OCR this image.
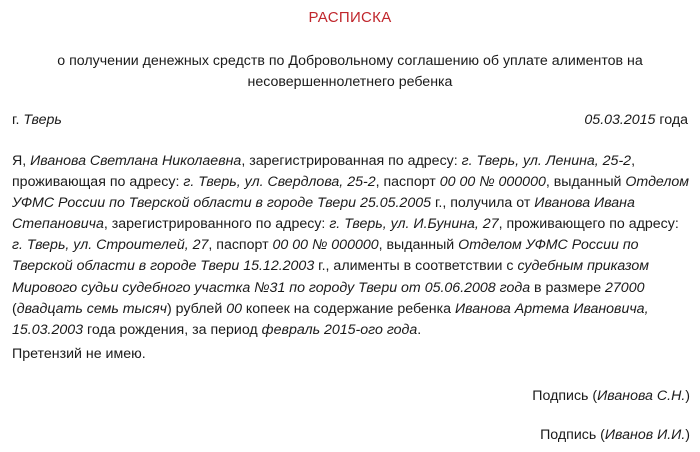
РАСПИСКА
о получении денежных средств по Добровольному соглашению об уплате алиментов на
несовершеннолетнего ребенка
г. Тверь	05.03.2015 года
Я, Иванова Светлана Николаевна, зарегистрированная по адресу: г. Тверь, ул. Ленина, 25-2, проживающая по адресу: г. Тверь, ул. Свердлова, 25-2, паспорт 00 00 № 000000, выданный Отделом УФМС России по Тверской области в городе Твери 25.05.2005 г., получила от Иванова Ивана Степановича, зарегистрированного по адресу: г. Тверь, ул. И.Бунина, 27, проживающего по адресу: г. Тверь, ул. Строителей, 27, паспорт 00 00 № 000000, выданный Отделом УФМС России по Тверской области в городе Твери 15.12.2003 г., алименты в соответствии с судебным приказом Мирового судьи судебного участка №31 по городу Твери от 05.06.2008 года в размере 27000 (двадцать семь тысяч) рублей 00 копеек на содержание ребенка Иванова Артема Ивановича, 15.03.2003 года рождения, за период февраль 2015-ого года.
Претензий не имею.
Подпись (Иванова С.Н.)
Подпись (Иванов И.И.)
